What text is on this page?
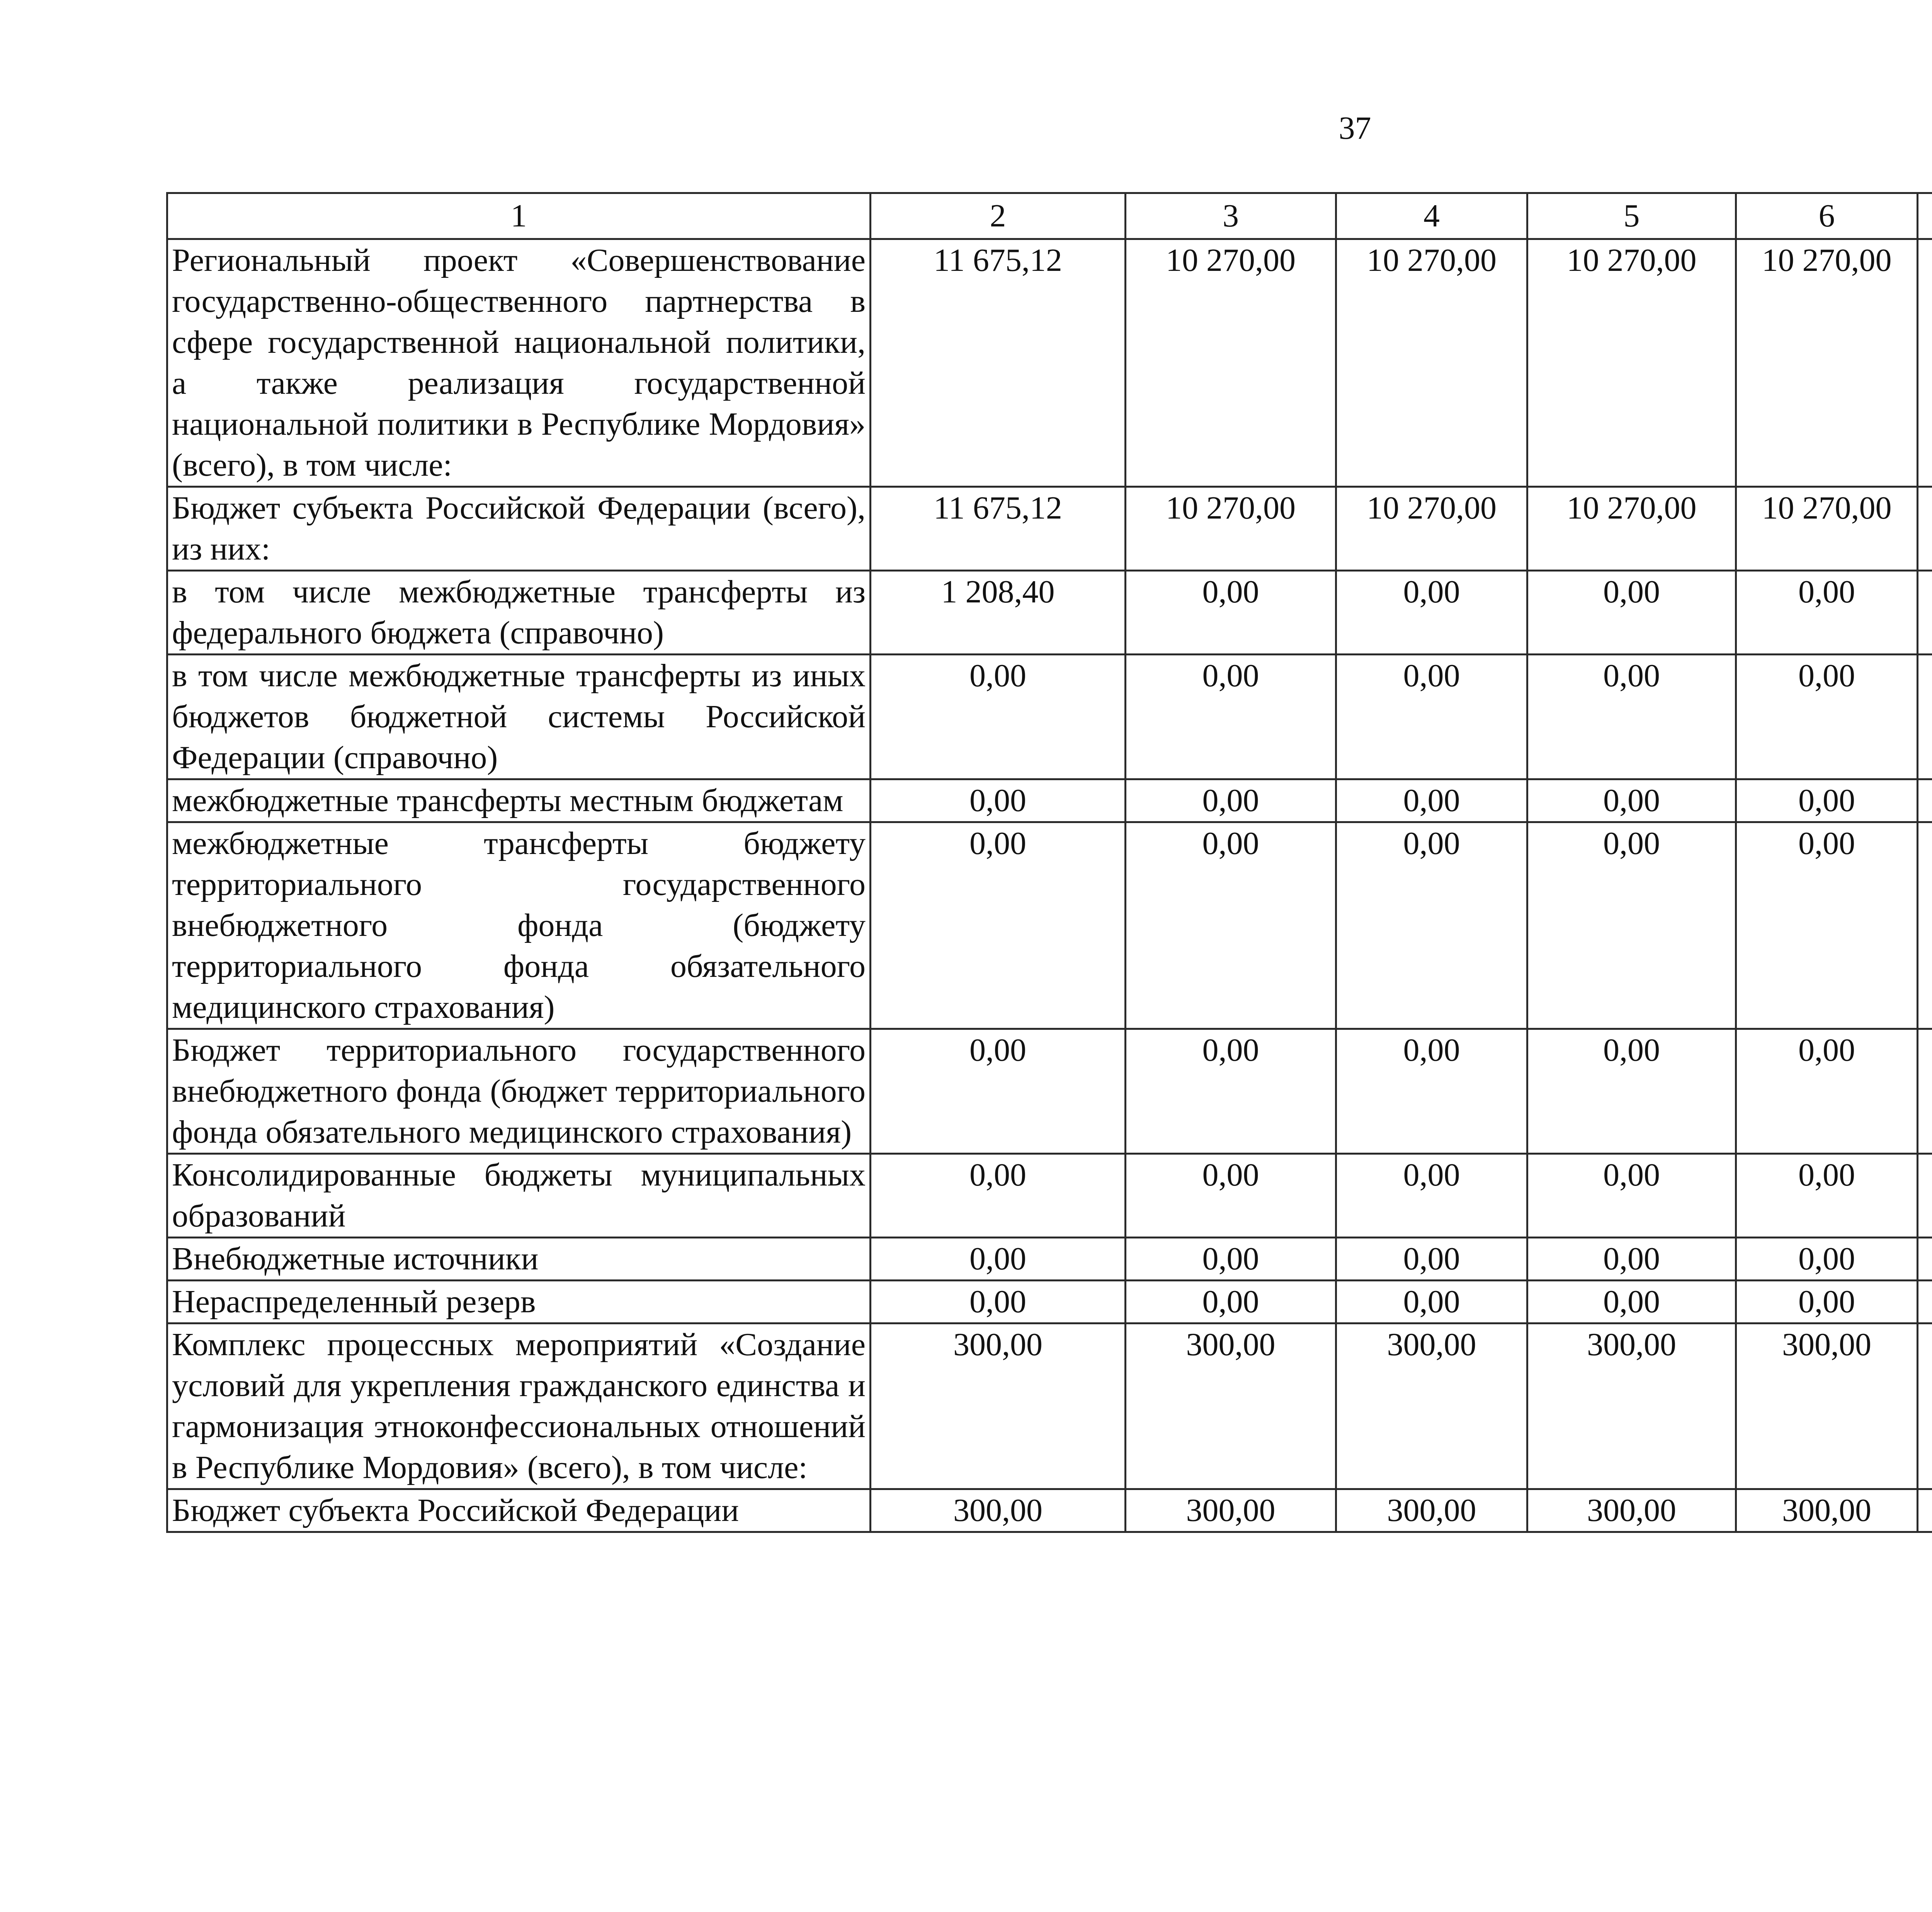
37
1	2	3	4	5	6			
Региональный проект «Совершенствование государственно-общественного партнерства в сфере государственной национальной политики, а также реализация государственной национальной политики в Республике Мордовия» (всего), в том числе:	11 675,12	10 270,00	10 270,00	10 270,00	10 270,00			
Бюджет субъекта Российской Федерации (всего), из них:	11 675,12	10 270,00	10 270,00	10 270,00	10 270,00			
в том числе межбюджетные трансферты из федерального бюджета (справочно)	1 208,40	0,00	0,00	0,00	0,00			
в том числе межбюджетные трансферты из иных бюджетов бюджетной системы Российской Федерации (справочно)	0,00	0,00	0,00	0,00	0,00			
межбюджетные трансферты местным бюджетам	0,00	0,00	0,00	0,00	0,00			
межбюджетные трансферты бюджету территориального государственного внебюджетного фонда (бюджету территориального фонда обязательного медицинского страхования)	0,00	0,00	0,00	0,00	0,00			
Бюджет территориального государственного внебюджетного фонда (бюджет территориального фонда обязательного медицинского страхования)	0,00	0,00	0,00	0,00	0,00			
Консолидированные бюджеты муниципальных образований	0,00	0,00	0,00	0,00	0,00			
Внебюджетные источники	0,00	0,00	0,00	0,00	0,00			
Нераспределенный резерв	0,00	0,00	0,00	0,00	0,00			
Комплекс процессных мероприятий «Создание условий для укрепления гражданского единства и гармонизация этноконфессиональных отношений в Республике Мордовия» (всего), в том числе:	300,00	300,00	300,00	300,00	300,00			
Бюджет субъекта Российской Федерации	300,00	300,00	300,00	300,00	300,00			
